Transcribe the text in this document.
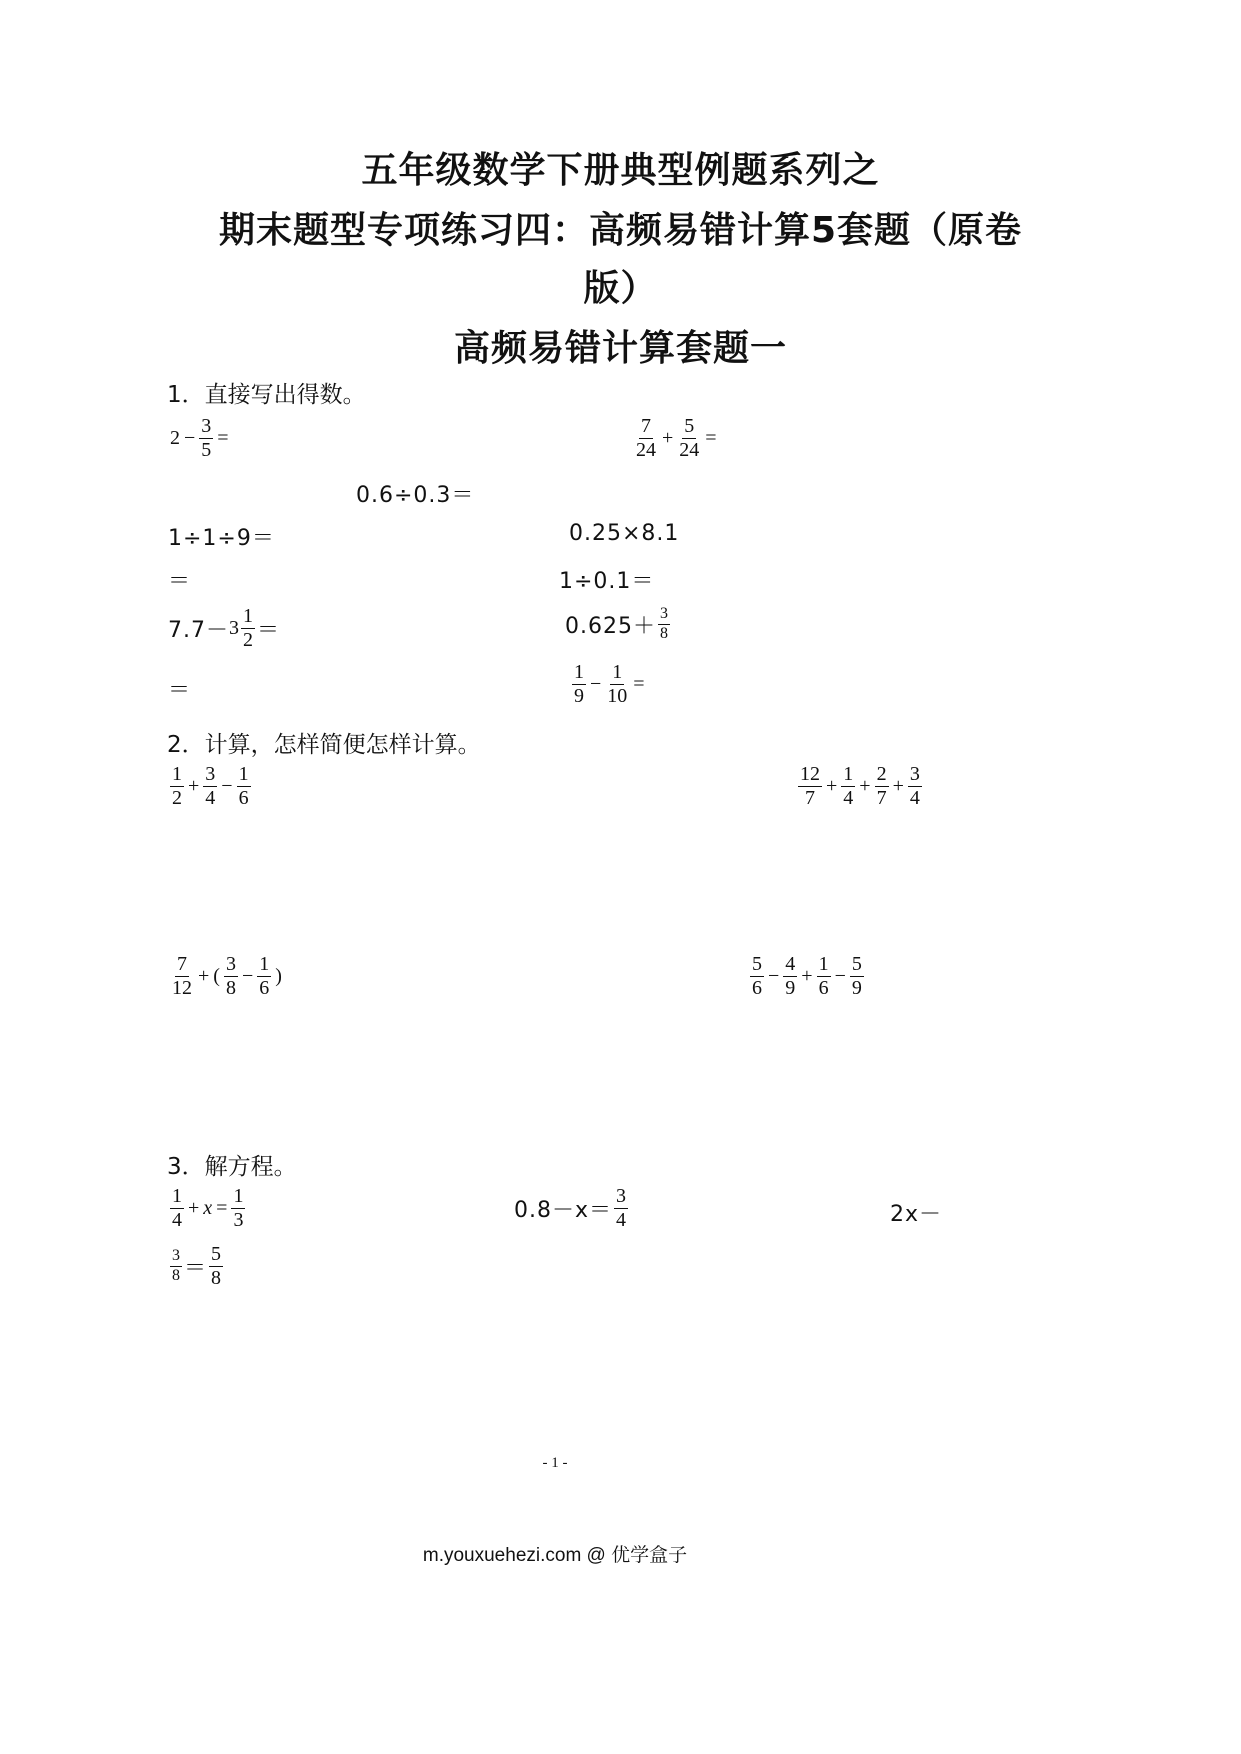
五年级数学下册典型例题系列之
期末题型专项练习四：高频易错计算5套题（原卷
版）
高频易错计算套题一
1．直接写出得数。
$2 - \frac{3}{5}$ =	$\frac{7}{24} + \frac{5}{24}$ =
0.6÷0.3＝
1÷1÷9＝	0.25×8.1
＝	1÷0.1＝
$7.7- 3 \frac{1}{2}$ ＝	$0.625+ \frac{3}{8}$
＝	$\frac{1}{9} - \frac{1}{10}$ =
2．计算，怎样简便怎样计算。
$\frac{1}{2} + \frac{3}{4} - \frac{1}{6}$	$\frac{12}{7} + \frac{1}{4} + \frac{2}{7} + \frac{3}{4}$
$\frac{7}{12}$ + ( $\frac{3}{8} - \frac{1}{6}$ )	$\frac{5}{6} - \frac{4}{9} + \frac{1}{6} - \frac{5}{9}$
3．解方程。
$\frac{1}{4} + x = \frac{1}{3}$	$0.8-x= \frac{3}{4}$	2x－
$\frac{3}{8} = \frac{5}{8}$
- 1 -
m.youxuehezi.com @ 优学盒子
